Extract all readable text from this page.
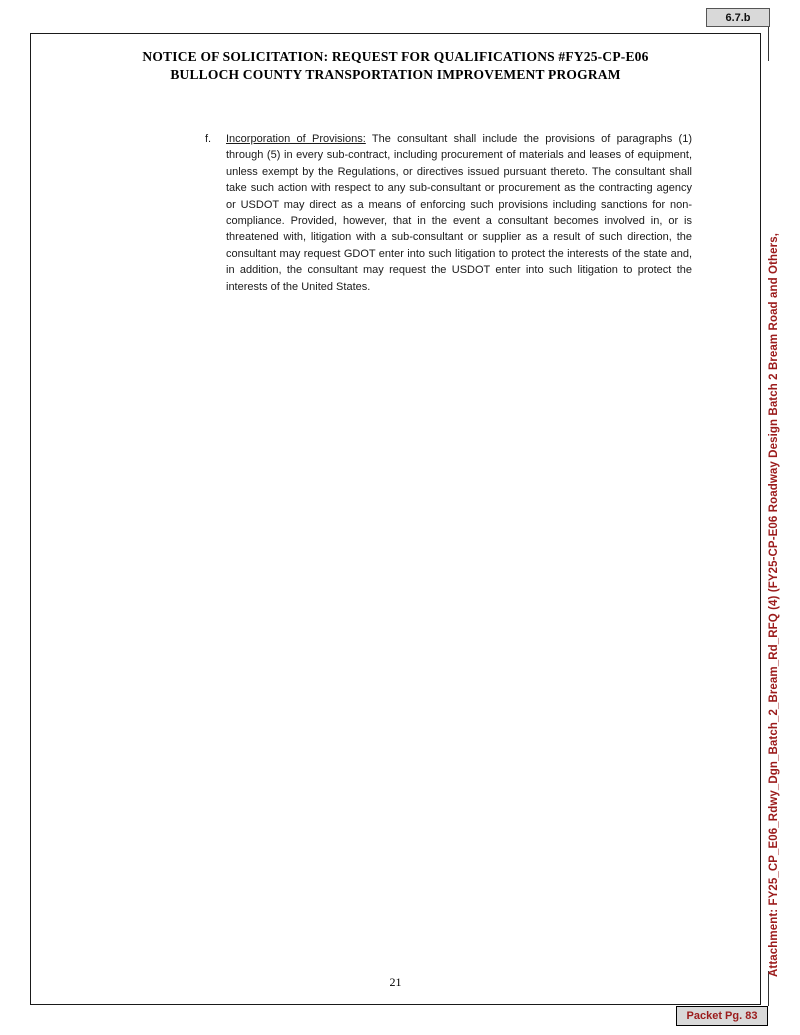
6.7.b
NOTICE OF SOLICITATION: REQUEST FOR QUALIFICATIONS #FY25-CP-E06
BULLOCH COUNTY TRANSPORTATION IMPROVEMENT PROGRAM
f.	Incorporation of Provisions: The consultant shall include the provisions of paragraphs (1) through (5) in every sub-contract, including procurement of materials and leases of equipment, unless exempt by the Regulations, or directives issued pursuant thereto. The consultant shall take such action with respect to any sub-consultant or procurement as the contracting agency or USDOT may direct as a means of enforcing such provisions including sanctions for non-compliance. Provided, however, that in the event a consultant becomes involved in, or is threatened with, litigation with a sub-consultant or supplier as a result of such direction, the consultant may request GDOT enter into such litigation to protect the interests of the state and, in addition, the consultant may request the USDOT enter into such litigation to protect the interests of the United States.
21
Packet Pg. 83
Attachment: FY25_CP_E06_Rdwy_Dgn_Batch_2_Bream_Rd_RFQ (4) (FY25-CP-E06 Roadway Design Batch 2 Bream Road and Others,
